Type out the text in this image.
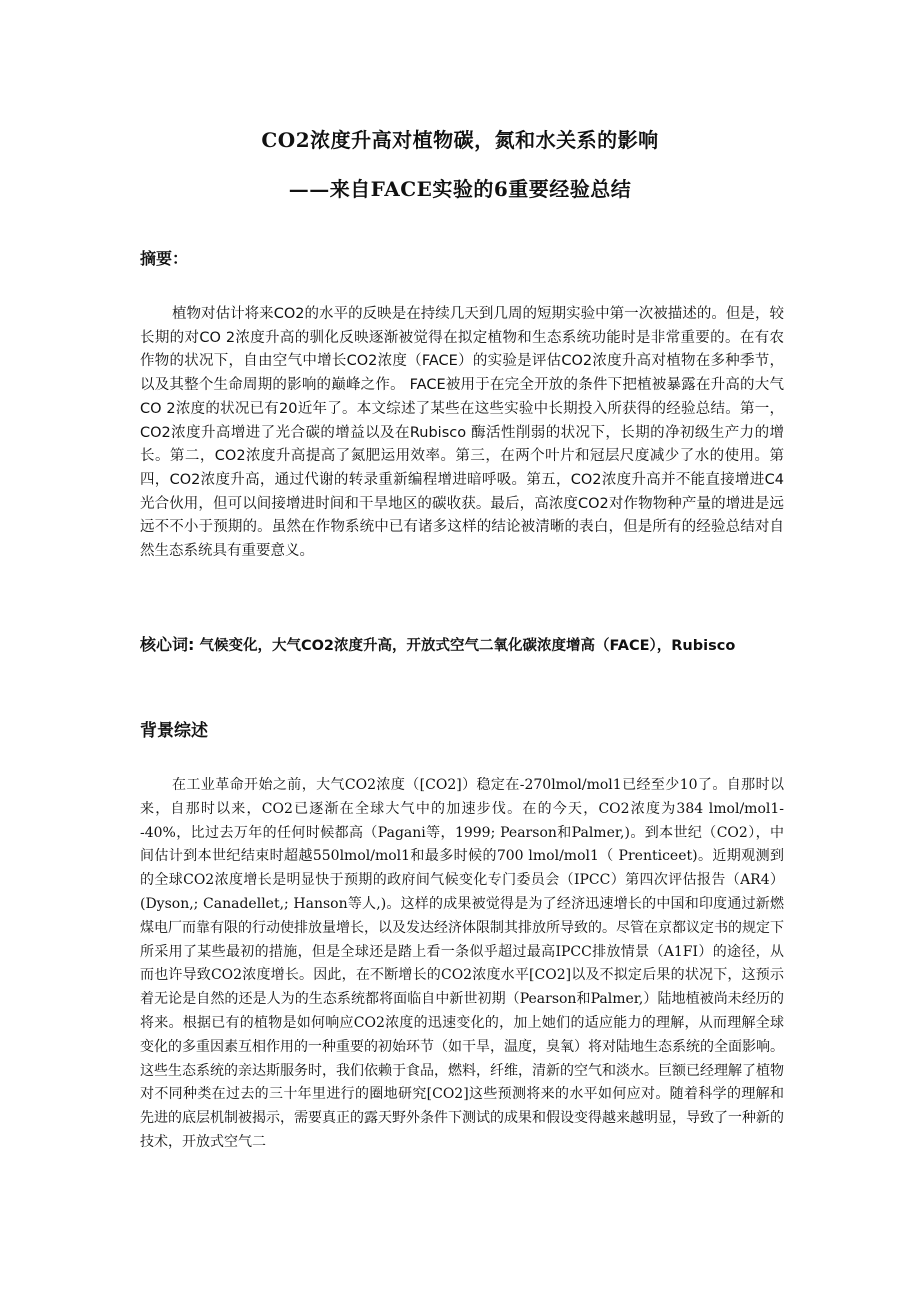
CO2浓度升高对植物碳，氮和水关系的影响
——来自FACE实验的6重要经验总结
摘要：
植物对估计将来CO2的水平的反映是在持续几天到几周的短期实验中第一次被描述的。但是，较长期的对CO 2浓度升高的驯化反映逐渐被觉得在拟定植物和生态系统功能时是非常重要的。在有农作物的状况下，自由空气中增长CO2浓度（FACE）的实验是评估CO2浓度升高对植物在多种季节，以及其整个生命周期的影响的巅峰之作。 FACE被用于在完全开放的条件下把植被暴露在升高的大气CO 2浓度的状况已有20近年了。本文综述了某些在这些实验中长期投入所获得的经验总结。第一，CO2浓度升高增进了光合碳的增益以及在Rubisco 酶活性削弱的状况下，长期的净初级生产力的增长。第二，CO2浓度升高提高了氮肥运用效率。第三，在两个叶片和冠层尺度减少了水的使用。第四，CO2浓度升高，通过代谢的转录重新编程增进暗呼吸。第五，CO2浓度升高并不能直接增进C4光合伙用，但可以间接增进时间和干旱地区的碳收获。最后，高浓度CO2对作物物种产量的增进是远远不不小于预期的。虽然在作物系统中已有诸多这样的结论被清晰的表白，但是所有的经验总结对自然生态系统具有重要意义。
核心词: 气候变化，大气CO2浓度升高，开放式空气二氧化碳浓度增高（FACE），Rubisco
背景综述
在工业革命开始之前，大气CO2浓度（[CO2]）稳定在-270lmol/mol1已经至少10了。自那时以来，自那时以来，CO2已逐渐在全球大气中的加速步伐。在的今天，CO2浓度为384 lmol/mol1--40%，比过去万年的任何时候都高（Pagani等，1999; Pearson和Palmer,)。到本世纪（CO2），中间估计到本世纪结束时超越550lmol/mol1和最多时候的700 lmol/mol1（ Prenticeet)。近期观测到的全球CO2浓度增长是明显快于预期的政府间气候变化专门委员会（IPCC）第四次评估报告（AR4）(Dyson,; Canadellet,; Hanson等人,)。这样的成果被觉得是为了经济迅速增长的中国和印度通过新燃煤电厂而靠有限的行动使排放量增长，以及发达经济体限制其排放所导致的。尽管在京都议定书的规定下所采用了某些最初的措施，但是全球还是踏上看一条似乎超过最高IPCC排放情景（A1FI）的途径，从而也许导致CO2浓度增长。因此，在不断增长的CO2浓度水平[CO2]以及不拟定后果的状况下，这预示着无论是自然的还是人为的生态系统都将面临自中新世初期（Pearson和Palmer,）陆地植被尚未经历的将来。根据已有的植物是如何响应CO2浓度的迅速变化的，加上她们的适应能力的理解，从而理解全球变化的多重因素互相作用的一种重要的初始环节（如干旱，温度，臭氧）将对陆地生态系统的全面影响。这些生态系统的亲达斯服务时，我们依赖于食品，燃料，纤维，清新的空气和淡水。巨额已经理解了植物对不同种类在过去的三十年里进行的圈地研究[CO2]这些预测将来的水平如何应对。随着科学的理解和先进的底层机制被揭示，需要真正的露天野外条件下测试的成果和假设变得越来越明显，导致了一种新的技术，开放式空气二
